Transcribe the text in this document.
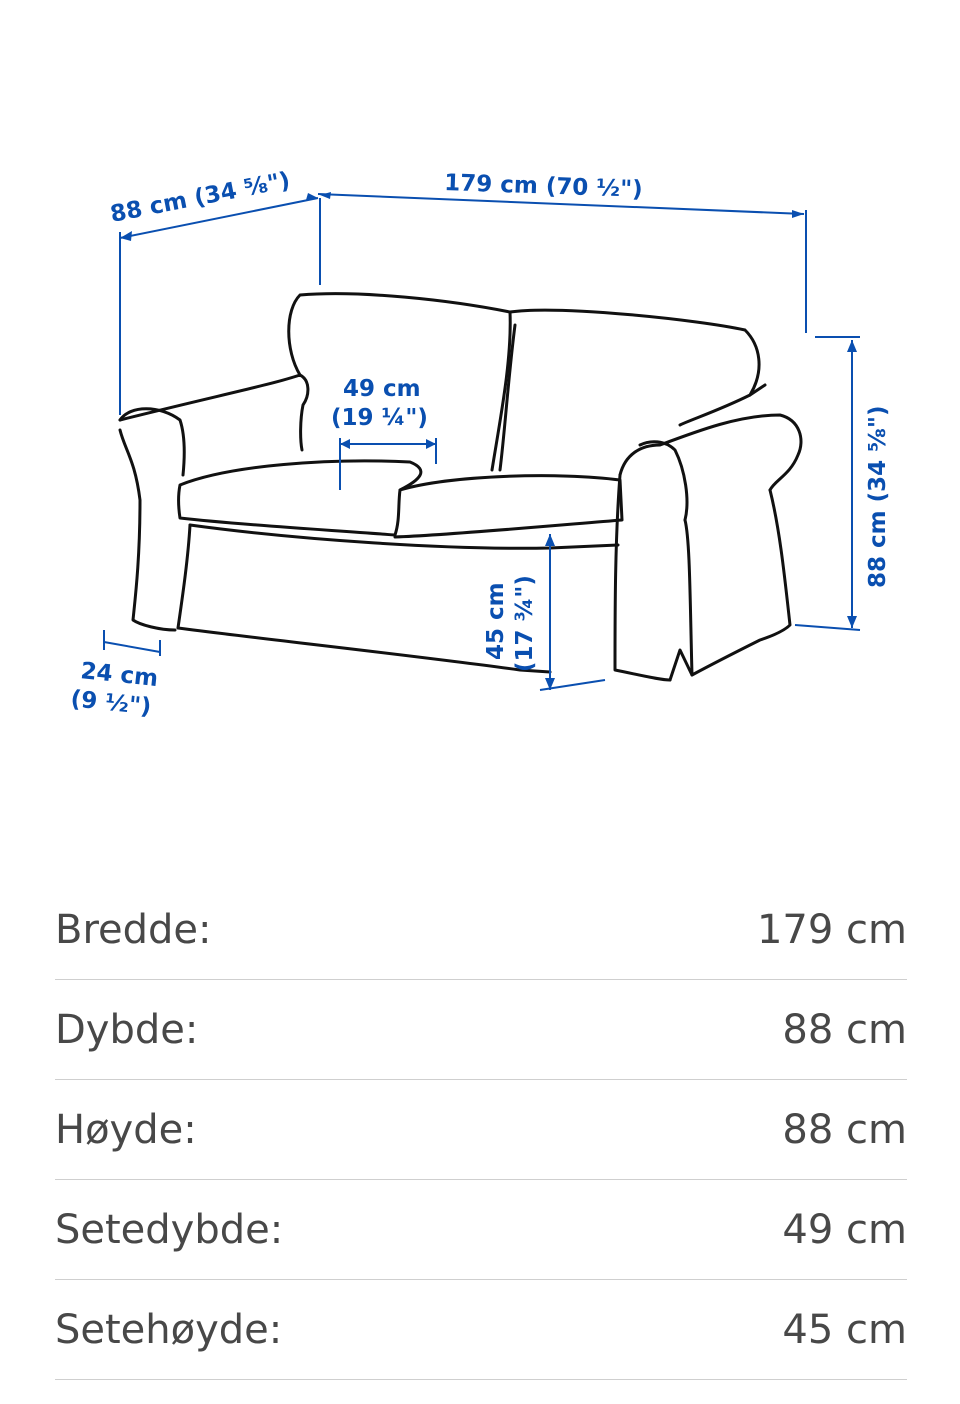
88 cm (34 ⅝")	179 cm (70 ½")
49 cm
(19 ¼")	88 cm (34 ⅝")
45 cm (17 ¾")
24 cm
(9 ½")
Bredde:	179 cm
Dybde:	88 cm
Høyde:	88 cm
Setedybde:	49 cm
Setehøyde:	45 cm
